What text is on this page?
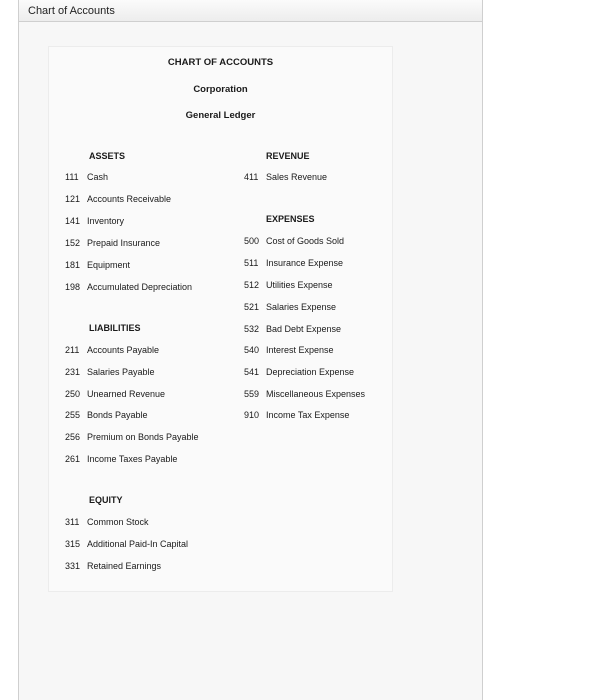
Chart of Accounts
CHART OF ACCOUNTS
Corporation
General Ledger
ASSETS
111 Cash
121 Accounts Receivable
141 Inventory
152 Prepaid Insurance
181 Equipment
198 Accumulated Depreciation
LIABILITIES
211 Accounts Payable
231 Salaries Payable
250 Unearned Revenue
255 Bonds Payable
256 Premium on Bonds Payable
261 Income Taxes Payable
EQUITY
311 Common Stock
315 Additional Paid-In Capital
331 Retained Earnings
REVENUE
411 Sales Revenue
EXPENSES
500 Cost of Goods Sold
511 Insurance Expense
512 Utilities Expense
521 Salaries Expense
532 Bad Debt Expense
540 Interest Expense
541 Depreciation Expense
559 Miscellaneous Expenses
910 Income Tax Expense
